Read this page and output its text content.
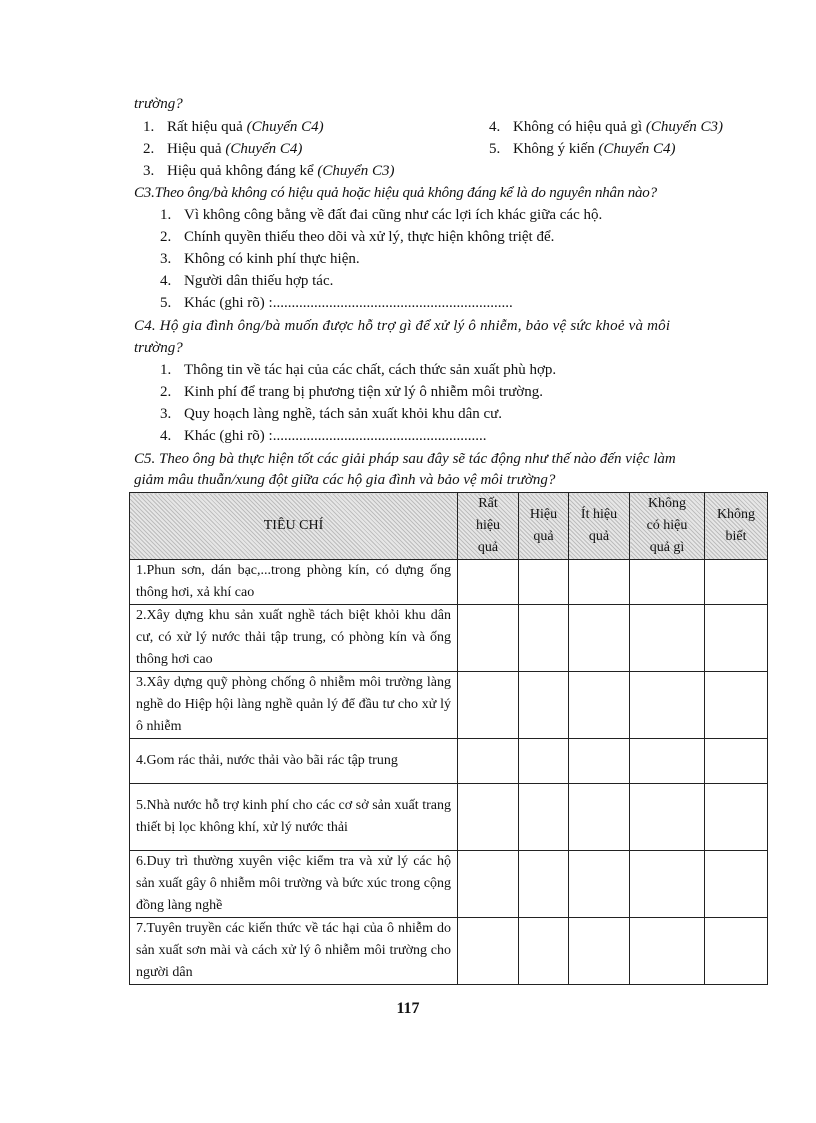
trường?
1. Rất hiệu quả (Chuyển C4)
2. Hiệu quả (Chuyển C4)
3. Hiệu quả không đáng kể (Chuyển C3)
4. Không có hiệu quả gì (Chuyển C3)
5. Không ý kiến (Chuyển C4)
C3.Theo ông/bà không có hiệu quả hoặc hiệu quả không đáng kể là do nguyên nhân nào?
1. Vì không công bằng về đất đai cũng như các lợi ích khác giữa các hộ.
2. Chính quyền thiếu theo dõi và xử lý, thực hiện không triệt để.
3. Không có kinh phí thực hiện.
4. Người dân thiếu hợp tác.
5. Khác (ghi rõ) :................................................................
C4. Hộ gia đình ông/bà muốn được hỗ trợ gì để xử lý ô nhiễm, bảo vệ sức khoẻ và môi
trường?
1. Thông tin về tác hại của các chất, cách thức sản xuất phù hợp.
2. Kinh phí để trang bị phương tiện xử lý ô nhiễm môi trường.
3. Quy hoạch làng nghề, tách sản xuất khỏi khu dân cư.
4. Khác (ghi rõ) :.........................................................
C5. Theo ông bà thực hiện tốt các giải pháp sau đây sẽ tác động như thế nào đến việc làm
giảm mâu thuẫn/xung đột giữa các hộ gia đình và bảo vệ môi trường?
TIÊU CHÍ	Rất
hiệu
quả	Hiệu
quả	Ít hiệu
quả	Không
có hiệu
quả gì	Không
biết

1.Phun sơn, dán bạc,...trong phòng kín, có dựng ống thông hơi, xả khí cao					
2.Xây dựng khu sản xuất nghề tách biệt khỏi khu dân cư, có xử lý nước thải tập trung, có phòng kín và ống thông hơi cao					
3.Xây dựng quỹ phòng chống ô nhiễm môi trường làng nghề do Hiệp hội làng nghề quản lý để đầu tư cho xử lý ô nhiễm					
4.Gom rác thải, nước thải vào bãi rác tập trung					
5.Nhà nước hỗ trợ kinh phí cho các cơ sở sản xuất trang thiết bị lọc không khí, xử lý nước thải					
6.Duy trì thường xuyên việc kiểm tra và xử lý các hộ sản xuất gây ô nhiễm môi trường và bức xúc trong cộng đồng làng nghề					
7.Tuyên truyền các kiến thức về tác hại của ô nhiễm do sản xuất sơn mài và cách xử lý ô nhiễm môi trường cho người dân					
117
